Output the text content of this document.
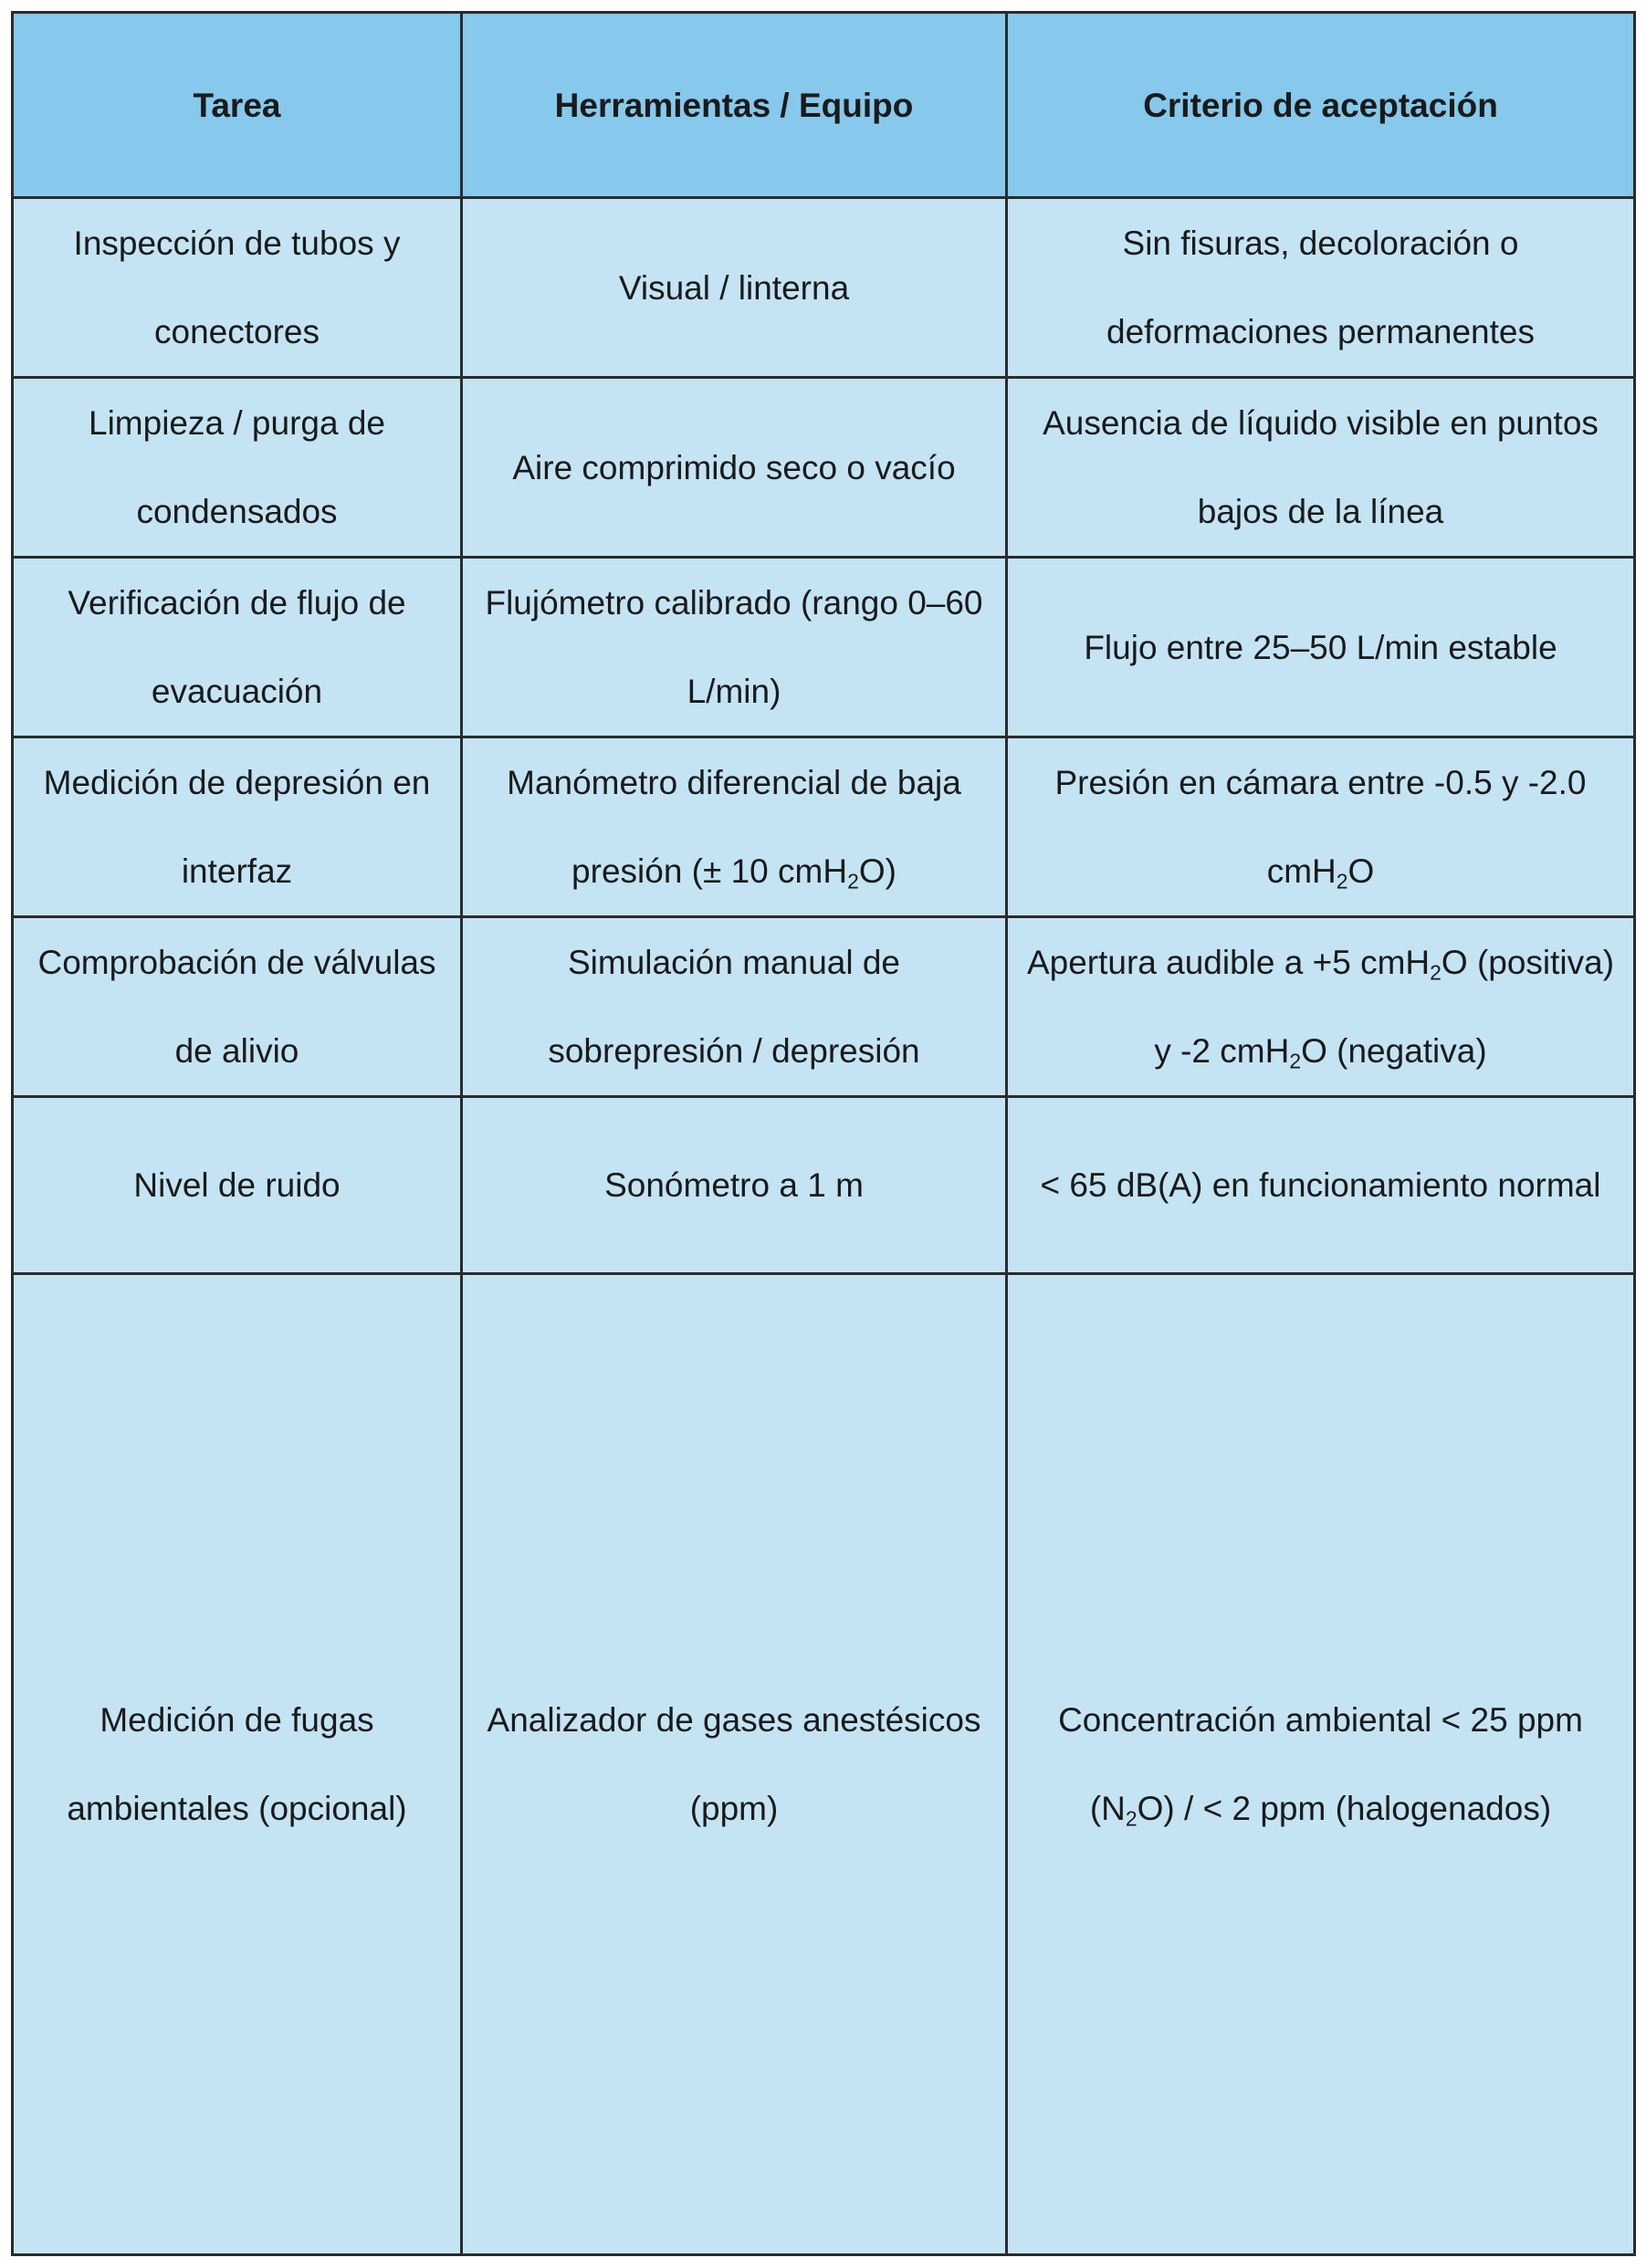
Tarea	Herramientas / Equipo	Criterio de aceptación
Inspección de tubos y conectores	Visual / linterna	Sin fisuras, decoloración o deformaciones permanentes
Limpieza / purga de condensados	Aire comprimido seco o vacío	Ausencia de líquido visible en puntos bajos de la línea
Verificación de flujo de evacuación	Flujómetro calibrado (rango 0–60 L/min)	Flujo entre 25–50 L/min estable
Medición de depresión en interfaz	Manómetro diferencial de baja presión (± 10 cmH$_2$O)	Presión en cámara entre -0.5 y -2.0 cmH$_2$O
Comprobación de válvulas de alivio	Simulación manual de sobrepresión / depresión	Apertura audible a +5 cmH$_2$O (positiva) y -2 cmH$_2$O (negativa)
Nivel de ruido	Sonómetro a 1 m	< 65 dB(A) en funcionamiento normal
Medición de fugas ambientales (opcional)	Analizador de gases anestésicos (ppm)	Concentración ambiental < 25 ppm $(N_2O)$ / < 2 ppm (halogenados)
